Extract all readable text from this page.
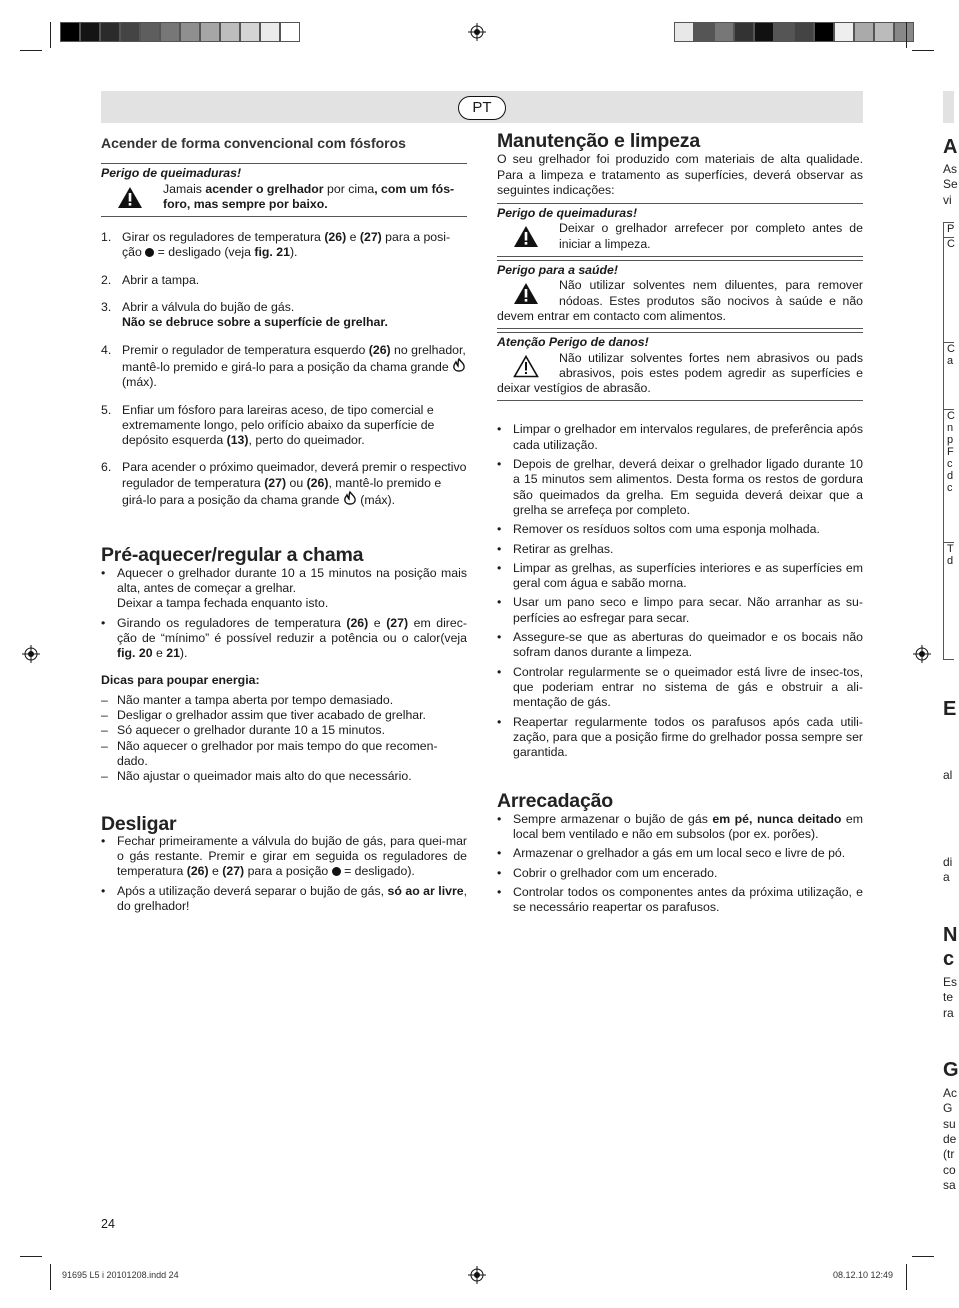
PT
Acender de forma convencional com fósforos
Perigo de queimaduras!
Jamais acender o grelhador por cima, com um fós-foro, mas sempre por baixo.
1. Girar os reguladores de temperatura (26) e (27) para a posi-ção  = desligado (veja fig. 21).
2. Abrir a tampa.
3. Abrir a válvula do bujão de gás.
Não se debruce sobre a superfície de grelhar.
4. Premir o regulador de temperatura esquerdo (26) no grelhador, mantê-lo premido e girá-lo para a posição da chama grande  (máx).
5. Enfiar um fósforo para lareiras aceso, de tipo comercial e extremamente longo, pelo orifício abaixo da superfície de depósito esquerda (13), perto do queimador.
6. Para acender o próximo queimador, deverá premir o respectivo regulador de temperatura (27) ou (26), mantê-lo premido e girá-lo para a posição da chama grande  (máx).
Pré-aquecer/regular a chama
• Aquecer o grelhador durante 10 a 15 minutos na posição mais alta, antes de começar a grelhar.
Deixar a tampa fechada enquanto isto.
• Girando os reguladores de temperatura (26) e (27) em direc-ção de “mínimo” é possível reduzir a potência ou o calor(veja fig. 20 e 21).

Dicas para poupar energia:

– Não manter a tampa aberta por tempo demasiado.
– Desligar o grelhador assim que tiver acabado de grelhar.
– Só aquecer o grelhador durante 10 a 15 minutos.
– Não aquecer o grelhador por mais tempo do que recomen-dado.
– Não ajustar o queimador mais alto do que necessário.
Desligar
• Fechar primeiramente a válvula do bujão de gás, para quei-mar o gás restante. Premir e girar em seguida os reguladores de temperatura (26) e (27) para a posição  = desligado).
• Após a utilização deverá separar o bujão de gás, só ao ar livre, do grelhador!
Manutenção e limpeza

O seu grelhador foi produzido com materiais de alta qualidade. Para a limpeza e tratamento as superfícies, deverá observar as seguintes indicações:

Perigo de queimaduras!
Deixar o grelhador arrefecer por completo antes de iniciar a limpeza.
Perigo para a saúde!
Não utilizar solventes nem diluentes, para remover nódoas. Estes produtos são nocivos à saúde e não devem entrar em contacto com alimentos.
Atenção Perigo de danos!
Não utilizar solventes fortes nem abrasivos ou pads abrasivos, pois estes podem agredir as superfícies e deixar vestígios de abrasão.
• Limpar o grelhador em intervalos regulares, de preferência após cada utilização.
• Depois de grelhar, deverá deixar o grelhador ligado durante 10 a 15 minutos sem alimentos. Desta forma os restos de gordura são queimados da grelha. Em seguida deverá deixar que a grelha se arrefeça por completo.
• Remover os resíduos soltos com uma esponja molhada.
• Retirar as grelhas.
• Limpar as grelhas, as superfícies interiores e as superfícies em geral com água e sabão morna.
• Usar um pano seco e limpo para secar. Não arranhar as su-perfícies ao esfregar para secar.
• Assegure-se que as aberturas do queimador e os bocais não sofram danos durante a limpeza.
• Controlar regularmente se o queimador está livre de insec-tos, que poderiam entrar no sistema de gás e obstruir a ali-mentação de gás.
• Reapertar regularmente todos os parafusos após cada utili-zação, para que a posição firme do grelhador possa sempre ser garantida.
Arrecadação
• Sempre armazenar o bujão de gás em pé, nunca deitado em local bem ventilado e não em subsolos (por ex. porões).
• Armazenar o grelhador a gás em um local seco e livre de pó.
• Cobrir o grelhador com um encerado.
• Controlar todos os componentes antes da próxima utilização, e se necessário reapertar os parafusos.
A
As
Se
vi
P
C
C
a
C
n
p
F
c
d
c
T
d
E
al
di
a
N
c
Es
te
ra
G
Ac
G
su
de
(tr
co
sa
24
91695 L5 i 20101208.indd 24	08.12.10 12:49
